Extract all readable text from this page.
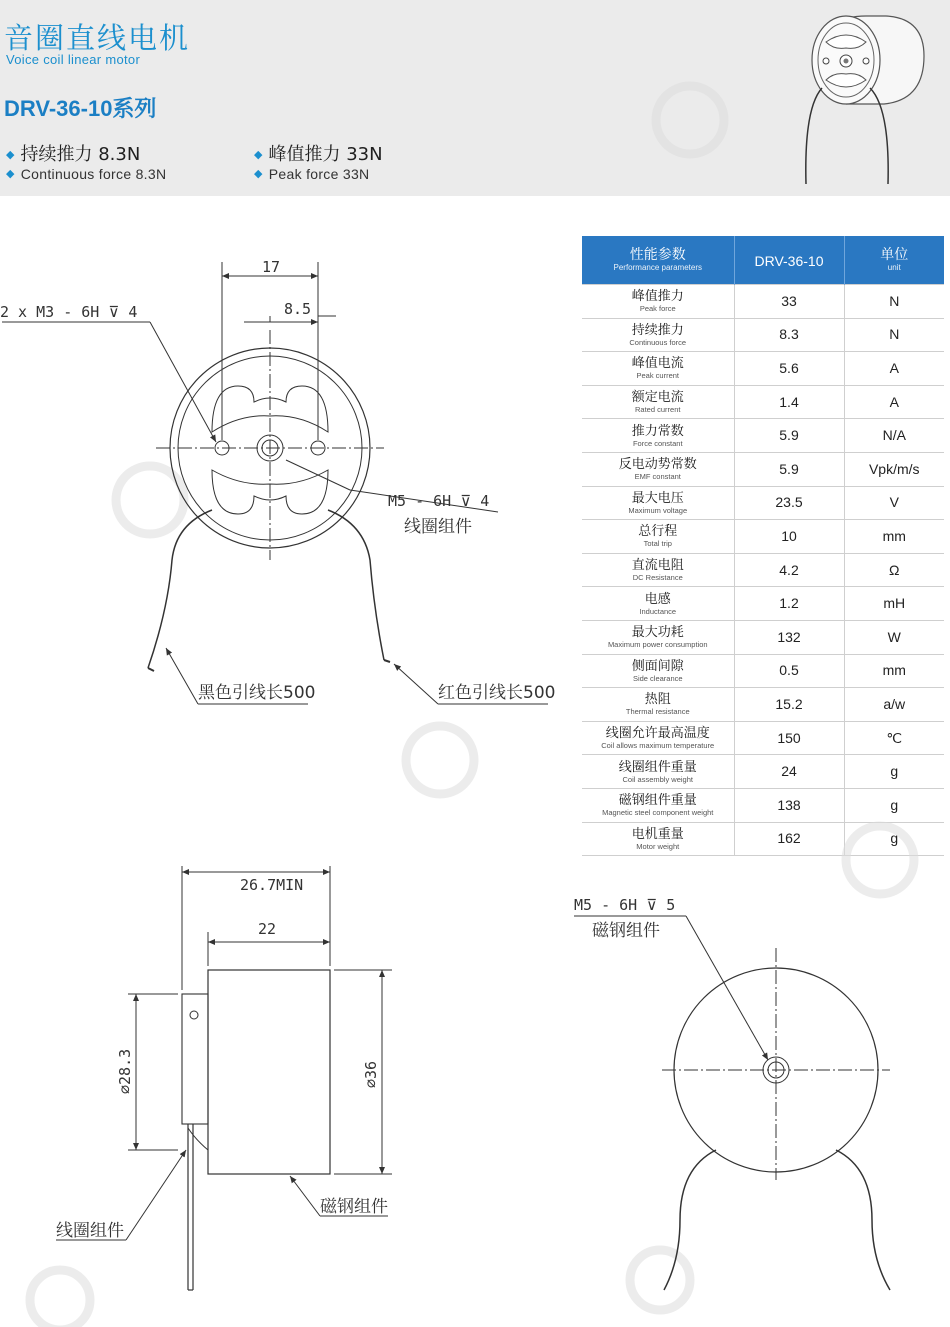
音圈直线电机
Voice coil linear motor
DRV-36-10系列
◆ 持续推力 8.3N
◆ Continuous force 8.3N
◆ 峰值推力 33N
◆ Peak force 33N
性能参数
Performance parameters	DRV-36-10	单位
unit

峰值推力
Peak force	33	N

持续推力
Continuous force	8.3	N

峰值电流
Peak current	5.6	A

额定电流
Rated current	1.4	A

推力常数
Force constant	5.9	N/A

反电动势常数
EMF constant	5.9	Vpk/m/s

最大电压
Maximum voltage	23.5	V

总行程
Total trip	10	mm

直流电阻
DC Resistance	4.2	Ω

电感
Inductance	1.2	mH

最大功耗
Maximum power consumption	132	W

侧面间隙
Side clearance	0.5	mm

热阻
Thermal resistance	15.2	a/w

线圈允许最高温度
Coil allows maximum temperature	150	℃

线圈组件重量
Coil assembly weight	24	g

磁钢组件重量
Magnetic steel component weight	138	g

电机重量
Motor weight	162	g
17
8.5
2 x M3 - 6H ⊽ 4
M5 - 6H ⊽ 4
线圈组件
黑色引线长500	红色引线长500
26.7MIN
22
∅28.3	∅36
磁钢组件
线圈组件
M5 - 6H ⊽ 5
磁钢组件
